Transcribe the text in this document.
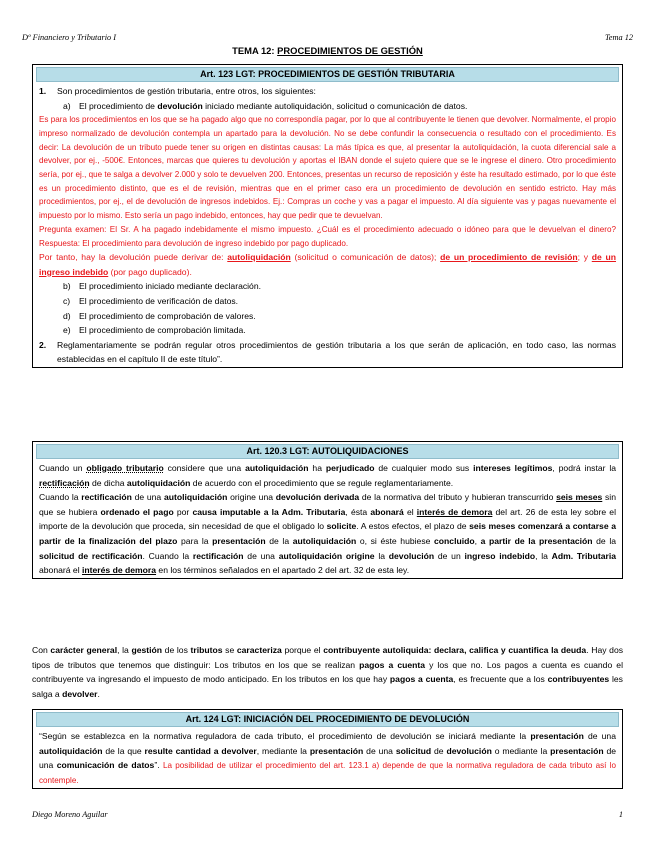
Dº Financiero y Tributario I	Tema 12
TEMA 12: PROCEDIMIENTOS DE GESTIÓN
Art. 123 LGT: PROCEDIMIENTOS DE GESTIÓN TRIBUTARIA
1.	Son procedimientos de gestión tributaria, entre otros, los siguientes:
a) El procedimiento de devolución iniciado mediante autoliquidación, solicitud o comunicación de datos.
Es para los procedimientos en los que se ha pagado algo que no correspondía pagar, por lo que al contribuyente le tienen que devolver. Normalmente, el propio impreso normalizado de devolución contempla un apartado para la devolución. No se debe confundir la consecuencia o resultado con el procedimiento. Es decir: La devolución de un tributo puede tener su origen en distintas causas: La más típica es que, al presentar la autoliquidación, la cuota diferencial sale a devolver, por ej., -500€. Entonces, marcas que quieres tu devolución y aportas el IBAN donde el sujeto quiere que se le ingrese el dinero. Otro procedimiento sería, por ej., que te salga a devolver 2.000 y solo te devuelven 200. Entonces, presentas un recurso de reposición y éste ha resultado estimado, por lo que éste es un procedimiento distinto, que es el de revisión, mientras que en el primer caso era un procedimiento de devolución en sentido estricto. Hay más procedimientos, por ej., el de devolución de ingresos indebidos. Ej.: Compras un coche y vas a pagar el impuesto. Al día siguiente vas y pagas nuevamente el impuesto por lo mismo. Esto sería un pago indebido, entonces, hay que pedir que te devuelvan.
Pregunta examen: El Sr. A ha pagado indebidamente el mismo impuesto. ¿Cuál es el procedimiento adecuado o idóneo para que le devuelvan el dinero? Respuesta: El procedimiento para devolución de ingreso indebido por pago duplicado.
Por tanto, hay la devolución puede derivar de: autoliquidación (solicitud o comunicación de datos); de un procedimiento de revisión; y de un ingreso indebido (por pago duplicado).
b) El procedimiento iniciado mediante declaración.
c)	El procedimiento de verificación de datos.
d) El procedimiento de comprobación de valores.
e) El procedimiento de comprobación limitada.
2.	Reglamentariamente se podrán regular otros procedimientos de gestión tributaria a los que serán de aplicación, en todo caso, las normas establecidas en el capítulo II de este título”.
Art. 120.3 LGT: AUTOLIQUIDACIONES
Cuando un obligado tributario considere que una autoliquidación ha perjudicado de cualquier modo sus intereses legítimos, podrá instar la rectificación de dicha autoliquidación de acuerdo con el procedimiento que se regule reglamentariamente.
Cuando la rectificación de una autoliquidación origine una devolución derivada de la normativa del tributo y hubieran transcurrido seis meses sin que se hubiera ordenado el pago por causa imputable a la Adm. Tributaria, ésta abonará el interés de demora del art. 26 de esta ley sobre el importe de la devolución que proceda, sin necesidad de que el obligado lo solicite. A estos efectos, el plazo de seis meses comenzará a contarse a partir de la finalización del plazo para la presentación de la autoliquidación o, si éste hubiese concluido, a partir de la presentación de la solicitud de rectificación. Cuando la rectificación de una autoliquidación origine la devolución de un ingreso indebido, la Adm. Tributaria abonará el interés de demora en los términos señalados en el apartado 2 del art. 32 de esta ley.
Con carácter general, la gestión de los tributos se caracteriza porque el contribuyente autoliquida: declara, califica y cuantifica la deuda. Hay dos tipos de tributos que tenemos que distinguir: Los tributos en los que se realizan pagos a cuenta y los que no. Los pagos a cuenta es cuando el contribuyente va ingresando el impuesto de modo anticipado. En los tributos en los que hay pagos a cuenta, es frecuente que a los contribuyentes les salga a devolver.
Art. 124 LGT: INICIACIÓN DEL PROCEDIMIENTO DE DEVOLUCIÓN
“Según se establezca en la normativa reguladora de cada tributo, el procedimiento de devolución se iniciará mediante la presentación de una autoliquidación de la que resulte cantidad a devolver, mediante la presentación de una solicitud de devolución o mediante la presentación de una comunicación de datos”. La posibilidad de utilizar el procedimiento del art. 123.1 a) depende de que la normativa reguladora de cada tributo así lo contemple.
Diego Moreno Aguilar	1
